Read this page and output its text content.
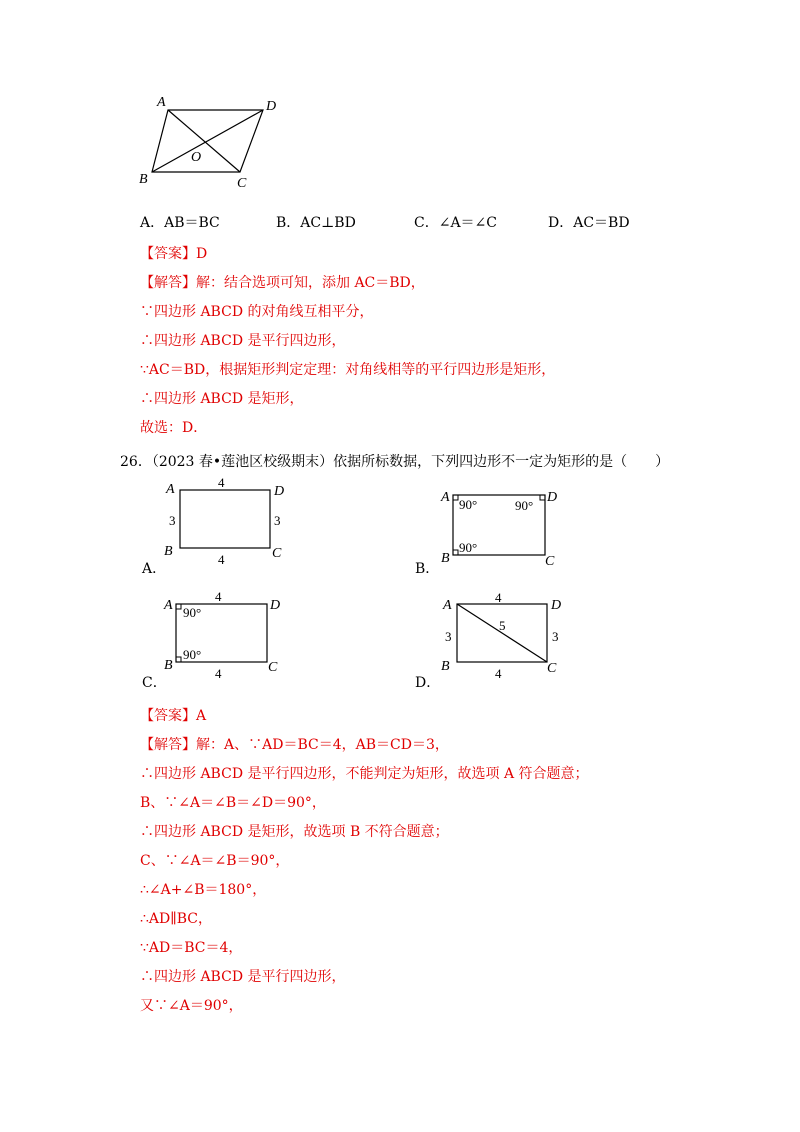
A	D
O
B	C
A．AB＝BC	B．AC⊥BD	C．∠A＝∠C	D．AC＝BD
【答案】D
【解答】解：结合选项可知，添加 AC＝BD，
∵四边形 ABCD 的对角线互相平分，
∴四边形 ABCD 是平行四边形，
∵AC＝BD，根据矩形判定定理：对角线相等的平行四边形是矩形，
∴四边形 ABCD 是矩形，
故选：D．
26．（2023 春•莲池区校级期末）依据所标数据，下列四边形不一定为矩形的是（　　）
A	D
B	C
4
4
3	3
A．
A	D
B	C
90°	90°
90°
B．
A	D
B	C
4
4
90°
90°
C．
A	D
B	C
4
4
3	3
5
D．
【答案】A
【解答】解：A、∵AD＝BC＝4，AB＝CD＝3，
∴四边形 ABCD 是平行四边形，不能判定为矩形，故选项 A 符合题意；
B、∵∠A＝∠B＝∠D＝90°，
∴四边形 ABCD 是矩形，故选项 B 不符合题意；
C、∵∠A＝∠B＝90°，
∴∠A+∠B＝180°，
∴AD∥BC，
∵AD＝BC＝4，
∴四边形 ABCD 是平行四边形，
又∵∠A＝90°，
